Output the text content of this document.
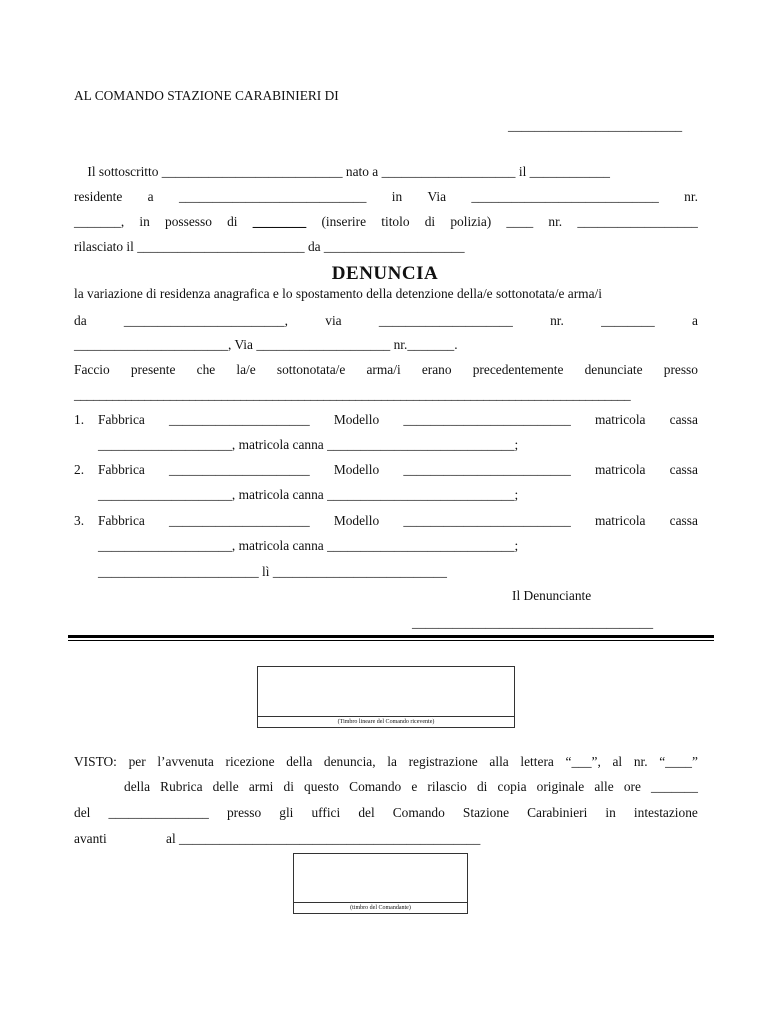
AL COMANDO STAZIONE CARABINIERI DI
__________________________
Il sottoscritto ___________________________ nato a ____________________ il ____________
residente a ____________________________ in Via ____________________________ nr.
_______, in possesso di ________ (inserire titolo di polizia) ____ nr. __________________
rilasciato il _________________________ da _____________________
DENUNCIA
la variazione di residenza anagrafica e lo spostamento della detenzione della/e sottonotata/e arma/i
da	________________________,	via	____________________	nr.	________	a
_______________________, Via ____________________ nr._______.
Faccio presente che la/e sottonotata/e arma/i erano precedentemente denunciate presso
_______________________________________________________________________________________
1. Fabbrica _____________________ Modello _________________________ matricola cassa
____________________, matricola canna ____________________________;
2. Fabbrica _____________________ Modello _________________________ matricola cassa
____________________, matricola canna ____________________________;
3. Fabbrica _____________________ Modello _________________________ matricola cassa
____________________, matricola canna ____________________________;
________________________ lì __________________________
Il Denunciante
____________________________________
(Timbro lineare del Comando ricevente)
VISTO: per l’avvenuta ricezione della denuncia, la registrazione alla lettera “___”, al nr. “____”
della Rubrica delle armi di questo Comando e rilascio di copia originale alle ore _______
del _______________ presso gli uffici del Comando Stazione Carabinieri in intestazione
avanti	al _____________________________________________
(timbro del Comandante)
